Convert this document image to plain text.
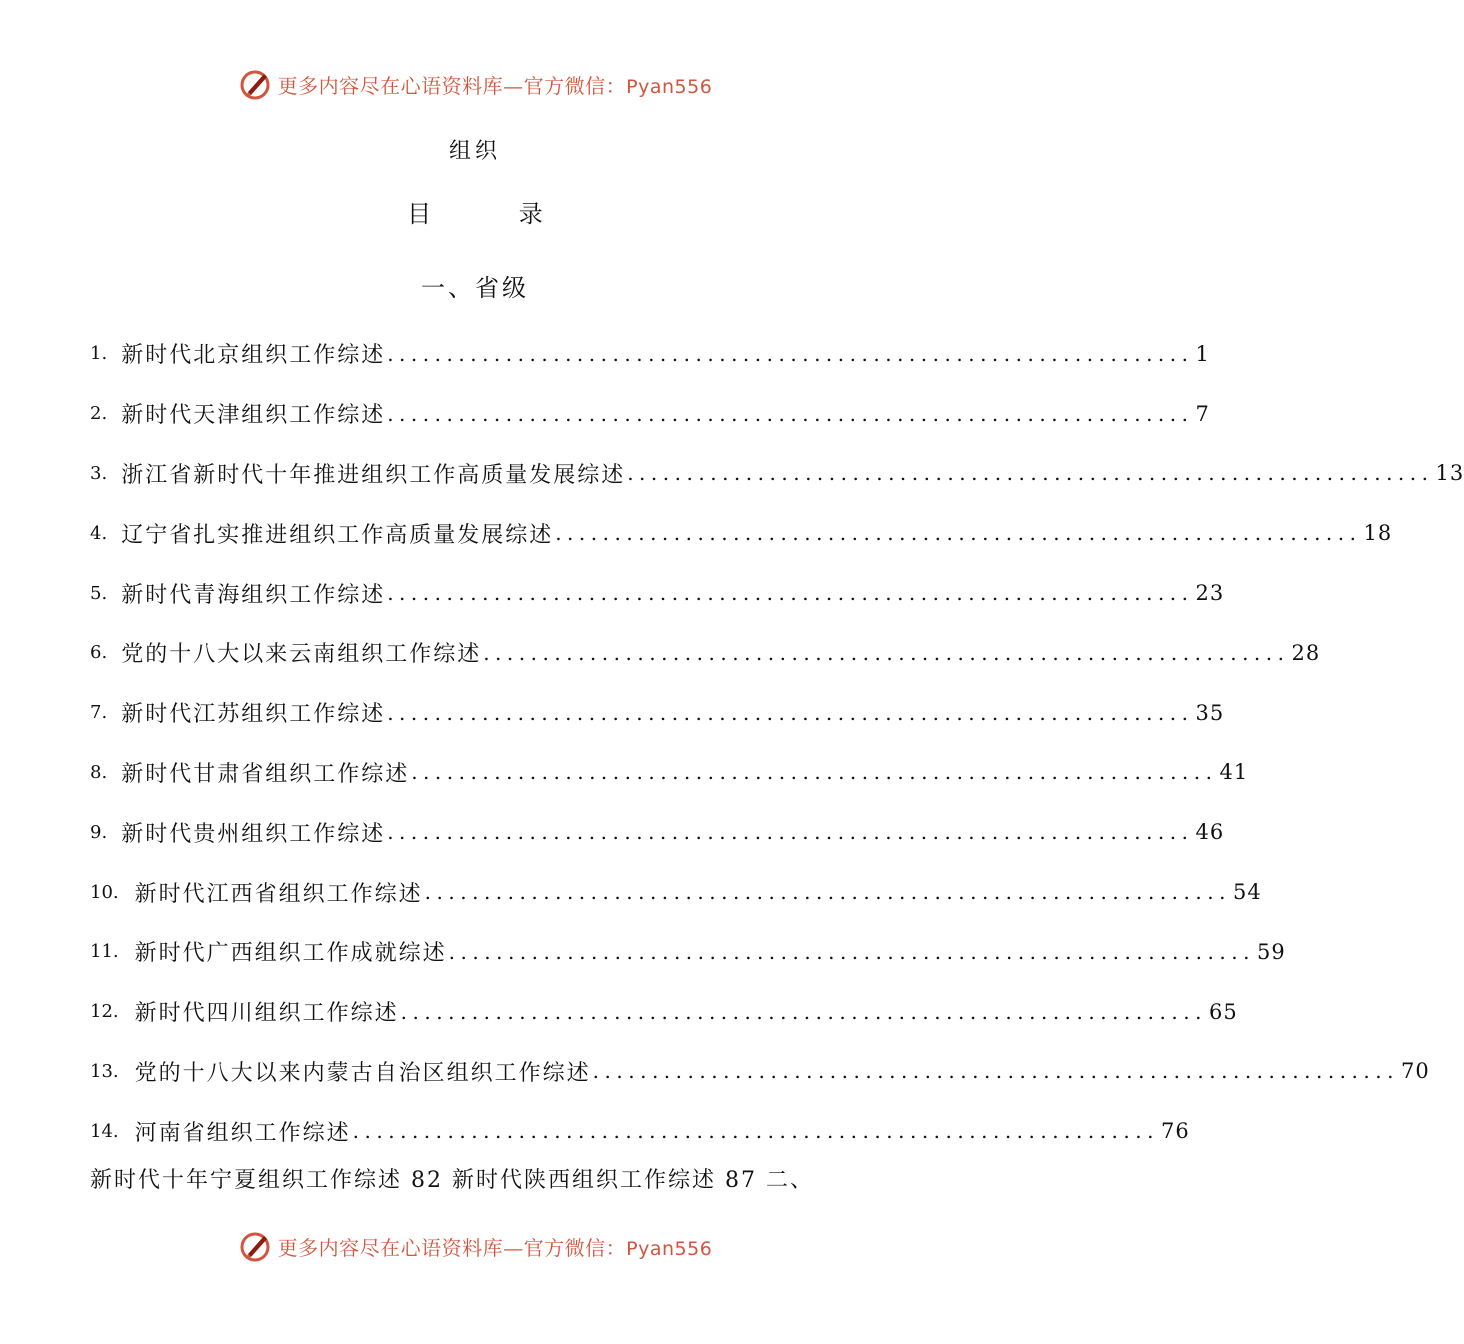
更多内容尽在心语资料库—官方微信：Pyan556
组织
目 录
一、省级
1. 新时代北京组织工作综述 .................................................................... 1
2. 新时代天津组织工作综述 .................................................................... 7
3. 浙江省新时代十年推进组织工作高质量发展综述 .................................................................... 13
4. 辽宁省扎实推进组织工作高质量发展综述 .................................................................... 18
5. 新时代青海组织工作综述 .................................................................... 23
6. 党的十八大以来云南组织工作综述 .................................................................... 28
7. 新时代江苏组织工作综述 .................................................................... 35
8. 新时代甘肃省组织工作综述 .................................................................... 41
9. 新时代贵州组织工作综述 .................................................................... 46
10. 新时代江西省组织工作综述 .................................................................... 54
11. 新时代广西组织工作成就综述 .................................................................... 59
12. 新时代四川组织工作综述 .................................................................... 65
13. 党的十八大以来内蒙古自治区组织工作综述 .................................................................... 70
14. 河南省组织工作综述 .................................................................... 76
新时代十年宁夏组织工作综述 82 新时代陕西组织工作综述 87 二、
更多内容尽在心语资料库—官方微信：Pyan556
